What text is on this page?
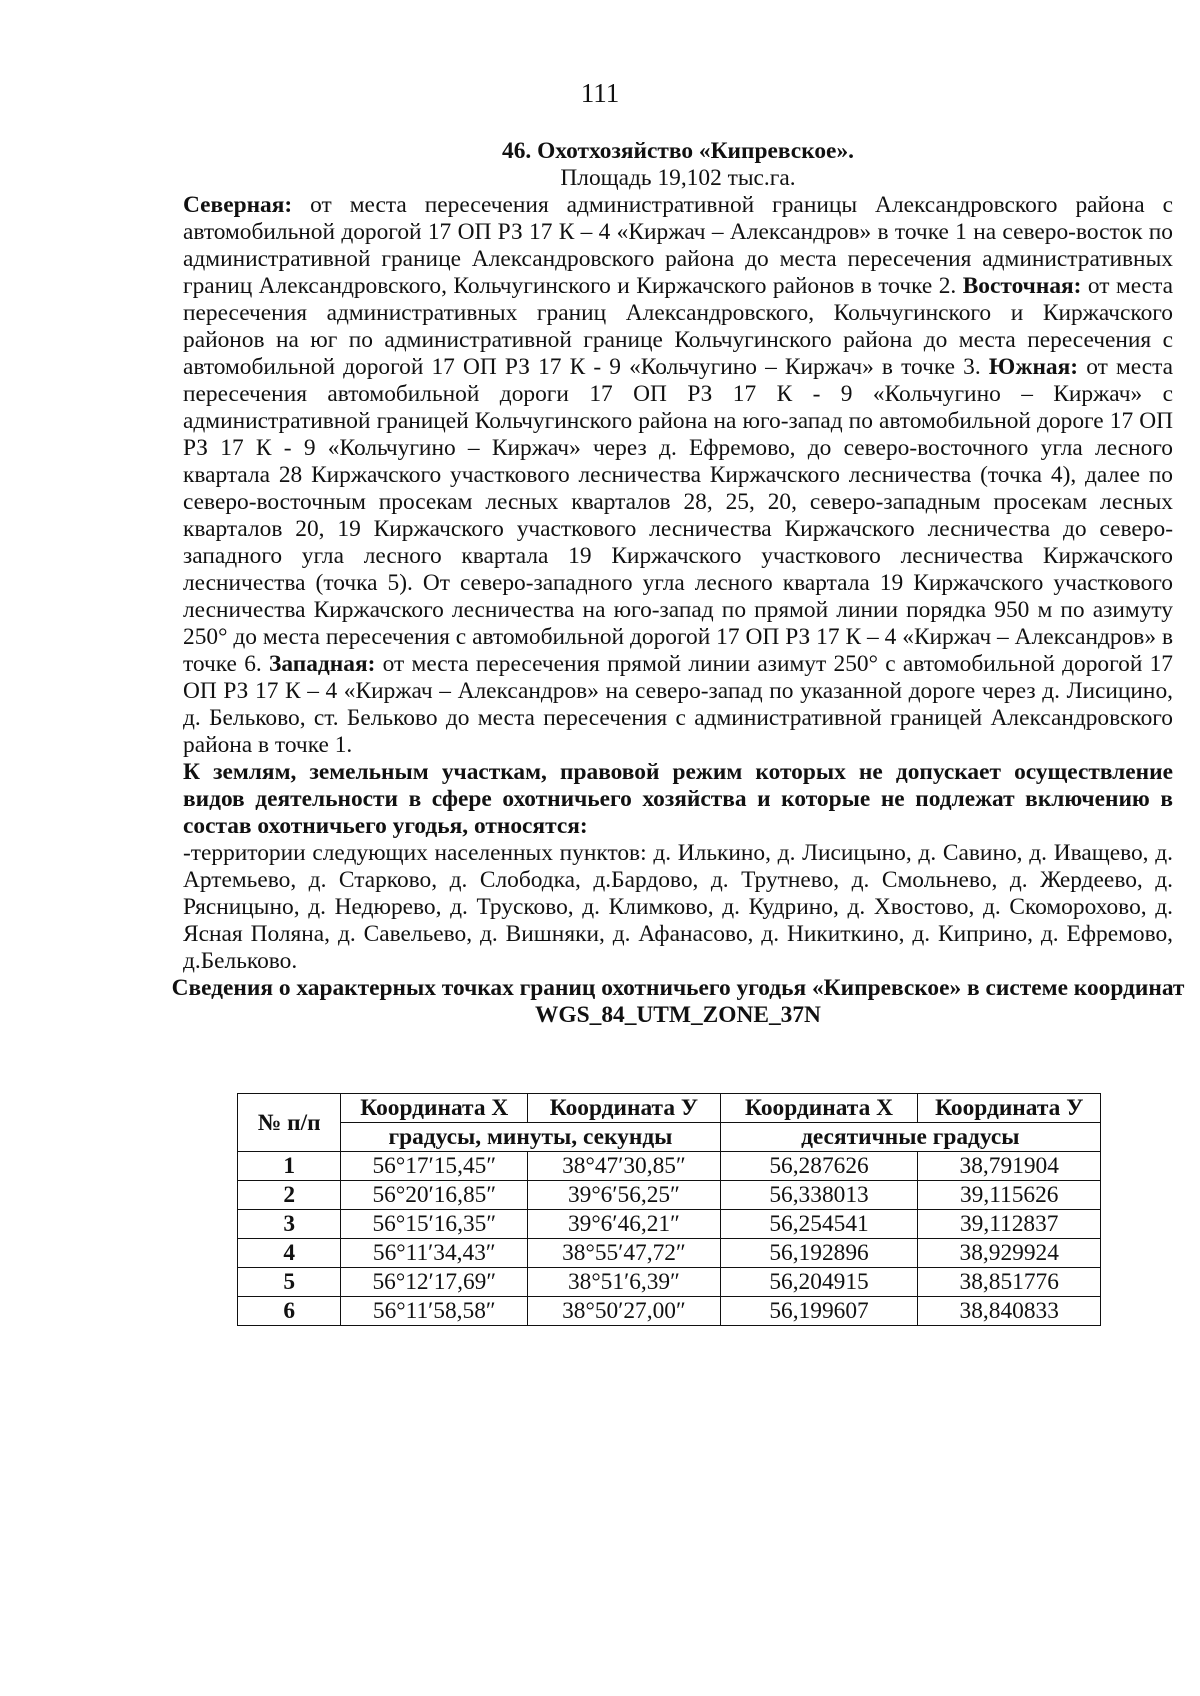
111
46. Охотхозяйство «Кипревское».
Площадь 19,102 тыс.га.

Северная: от места пересечения административной границы Александровского района с автомобильной дорогой 17 ОП РЗ 17 К – 4 «Киржач – Александров» в точке 1 на северо-восток по административной границе Александровского района до места пересечения административных границ Александровского, Кольчугинского и Киржачского районов в точке 2. Восточная: от места пересечения административных границ Александровского, Кольчугинского и Киржачского районов на юг по административной границе Кольчугинского района до места пересечения с автомобильной дорогой 17 ОП РЗ 17 К - 9 «Кольчугино – Киржач» в точке 3. Южная: от места пересечения автомобильной дороги 17 ОП РЗ 17 К - 9 «Кольчугино – Киржач» с административной границей Кольчугинского района на юго-запад по автомобильной дороге 17 ОП РЗ 17 К - 9 «Кольчугино – Киржач» через д. Ефремово, до северо-восточного угла лесного квартала 28 Киржачского участкового лесничества Киржачского лесничества (точка 4), далее по северо-восточным просекам лесных кварталов 28, 25, 20, северо-западным просекам лесных кварталов 20, 19 Киржачского участкового лесничества Киржачского лесничества до северо-западного угла лесного квартала 19 Киржачского участкового лесничества Киржачского лесничества (точка 5). От северо-западного угла лесного квартала 19 Киржачского участкового лесничества Киржачского лесничества на юго-запад по прямой линии порядка 950 м по азимуту 250° до места пересечения с автомобильной дорогой 17 ОП РЗ 17 К – 4 «Киржач – Александров» в точке 6. Западная: от места пересечения прямой линии азимут 250° с автомобильной дорогой 17 ОП РЗ 17 К – 4 «Киржач – Александров» на северо-запад по указанной дороге через д. Лисицино, д. Бельково, ст. Бельково до места пересечения с административной границей Александровского района в точке 1.

К землям, земельным участкам, правовой режим которых не допускает осуществление видов деятельности в сфере охотничьего хозяйства и которые не подлежат включению в состав охотничьего угодья, относятся:

-территории следующих населенных пунктов: д. Илькино, д. Лисицыно, д. Савино, д. Иващево, д. Артемьево, д. Старково, д. Слободка, д.Бардово, д. Трутнево, д. Смольнево, д. Жердеево, д. Рясницыно, д. Недюрево, д. Трусково, д. Климково, д. Кудрино, д. Хвостово, д. Скоморохово, д. Ясная Поляна, д. Савельево, д. Вишняки, д. Афанасово, д. Никиткино, д. Киприно, д. Ефремово, д.Бельково.

Сведения о характерных точках границ охотничьего угодья «Кипревское» в системе координат WGS_84_UTM_ZONE_37N
№ п/п	Координата X	Координата У	Координата X	Координата У
	градусы, минуты, секунды		десятичные градусы	
1	56°17′15,45″	38°47′30,85″	56,287626	38,791904
2	56°20′16,85″	39°6′56,25″	56,338013	39,115626
3	56°15′16,35″	39°6′46,21″	56,254541	39,112837
4	56°11′34,43″	38°55′47,72″	56,192896	38,929924
5	56°12′17,69″	38°51′6,39″	56,204915	38,851776
6	56°11′58,58″	38°50′27,00″	56,199607	38,840833
